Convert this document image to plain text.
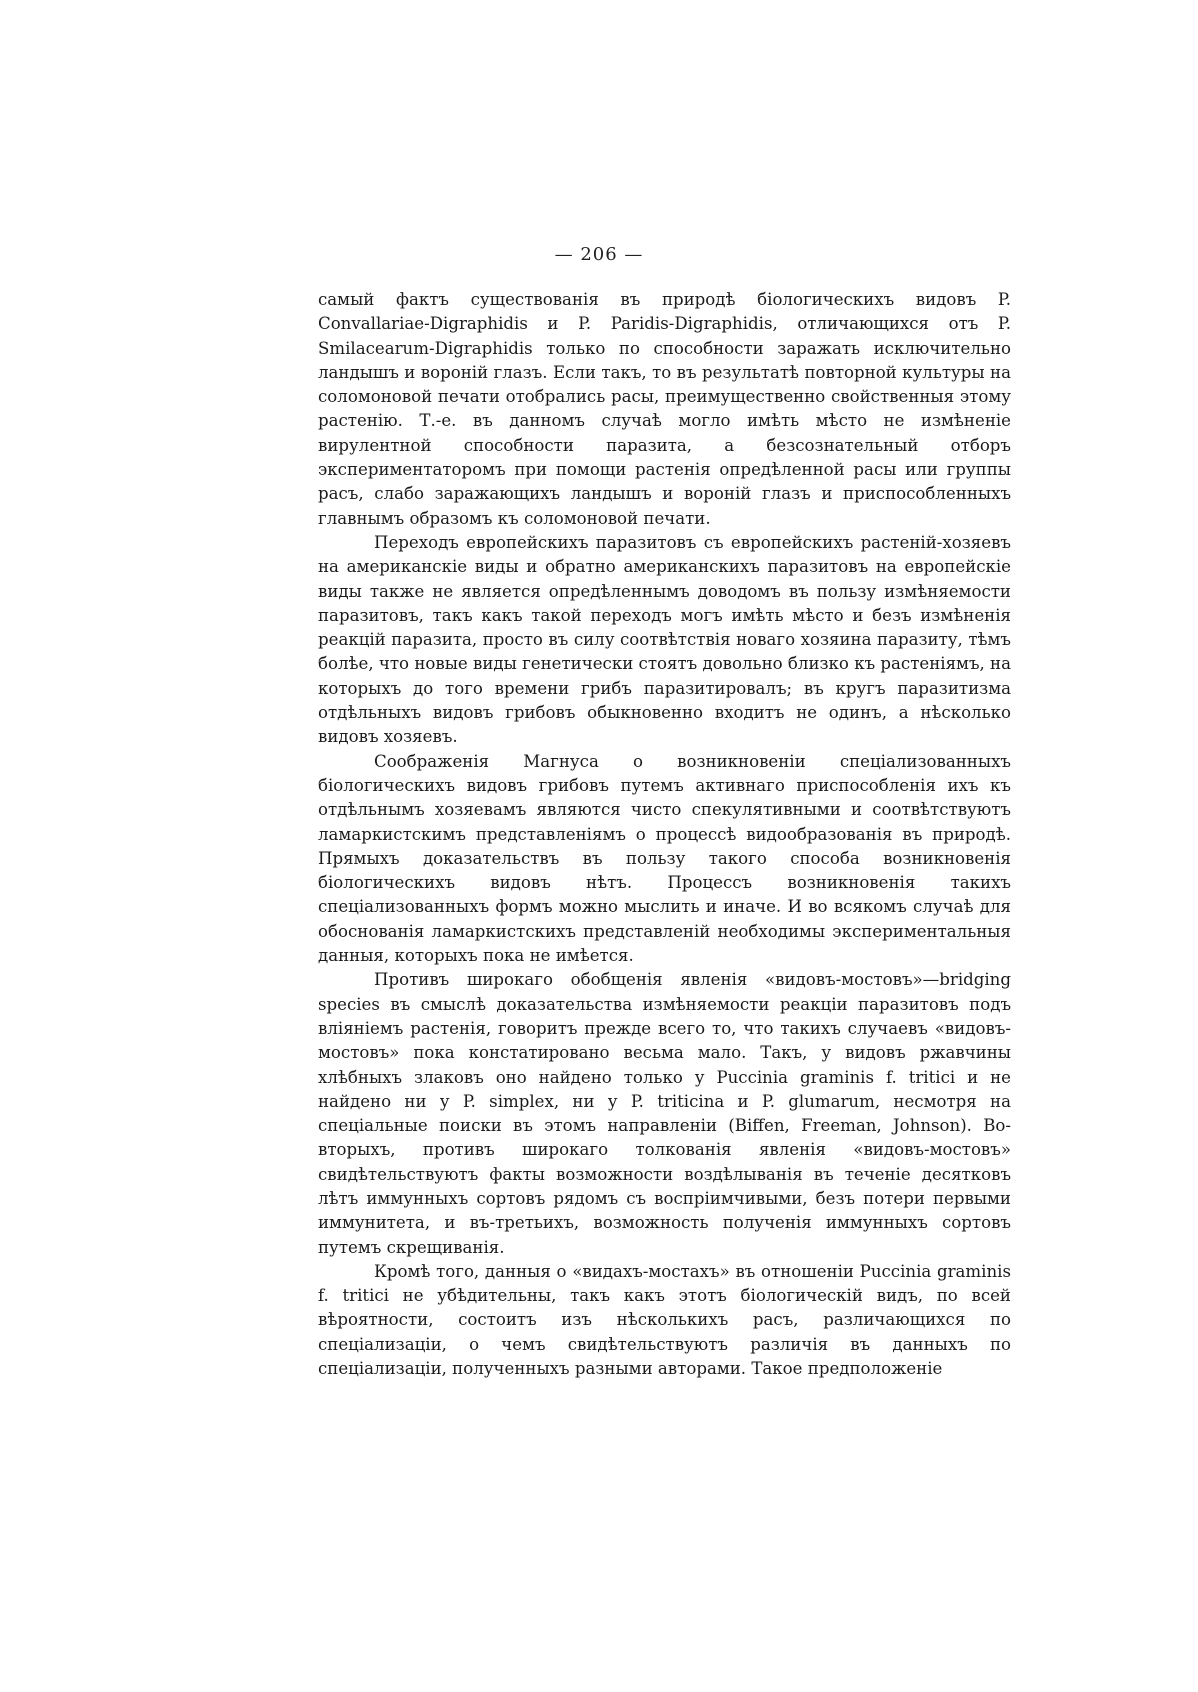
— 206 —

самый фактъ существованія въ природѣ біологическихъ видовъ P. Convallariae-Digraphidis и P. Paridis-Digraphidis, отличающихся отъ P. Smilacearum-Digraphidis только по способности заражать исключительно ландышъ и вороній глазъ. Если такъ, то въ результатѣ повторной культуры на соломоновой печати отобрались расы, преимущественно свойственныя этому растенію. Т.-е. въ данномъ случаѣ могло имѣть мѣсто не измѣненіе вирулентной способности паразита, а безсознательный отборъ экспериментаторомъ при помощи растенія опредѣленной расы или группы расъ, слабо заражающихъ ландышъ и вороній глазъ и приспособленныхъ главнымъ образомъ къ соломоновой печати.

Переходъ европейскихъ паразитовъ съ европейскихъ растеній-хозяевъ на американскіе виды и обратно американскихъ паразитовъ на европейскіе виды также не является опредѣленнымъ доводомъ въ пользу измѣняемости паразитовъ, такъ какъ такой переходъ могъ имѣть мѣсто и безъ измѣненія реакцій паразита, просто въ силу соотвѣтствія новаго хозяина паразиту, тѣмъ болѣе, что новые виды генетически стоятъ довольно близко къ растеніямъ, на которыхъ до того времени грибъ паразитировалъ; въ кругъ паразитизма отдѣльныхъ видовъ грибовъ обыкновенно входитъ не одинъ, а нѣсколько видовъ хозяевъ.

Соображенія Магнуса о возникновеніи спеціализованныхъ біологическихъ видовъ грибовъ путемъ активнаго приспособленія ихъ къ отдѣльнымъ хозяевамъ являются чисто спекулятивными и соотвѣтствуютъ ламаркистскимъ представленіямъ о процессѣ видообразованія въ природѣ. Прямыхъ доказательствъ въ пользу такого способа возникновенія біологическихъ видовъ нѣтъ. Процессъ возникновенія такихъ спеціализованныхъ формъ можно мыслить и иначе. И во всякомъ случаѣ для обоснованія ламаркистскихъ представленій необходимы экспериментальныя данныя, которыхъ пока не имѣется.

Противъ широкаго обобщенія явленія «видовъ-мостовъ»—bridging species въ смыслѣ доказательства измѣняемости реакціи паразитовъ подъ вліяніемъ растенія, говоритъ прежде всего то, что такихъ случаевъ «видовъ-мостовъ» пока констатировано весьма мало. Такъ, у видовъ ржавчины хлѣбныхъ злаковъ оно найдено только у Puccinia graminis f. tritici и не найдено ни у P. simplex, ни у P. triticina и P. glumarum, несмотря на спеціальные поиски въ этомъ направленіи (Biffen, Freeman, Johnson). Во-вторыхъ, противъ широкаго толкованія явленія «видовъ-мостовъ» свидѣтельствуютъ факты возможности воздѣлыванія въ теченіе десятковъ лѣтъ иммунныхъ сортовъ рядомъ съ воспріимчивыми, безъ потери первыми иммунитета, и въ-третьихъ, возможность полученія иммунныхъ сортовъ путемъ скрещиванія.

Кромѣ того, данныя о «видахъ-мостахъ» въ отношеніи Puccinia graminis f. tritici не убѣдительны, такъ какъ этотъ біологическій видъ, по всей вѣроятности, состоитъ изъ нѣсколькихъ расъ, различающихся по спеціализаціи, о чемъ свидѣтельствуютъ различія въ данныхъ по спеціализаціи, полученныхъ разными авторами. Такое предположеніе
